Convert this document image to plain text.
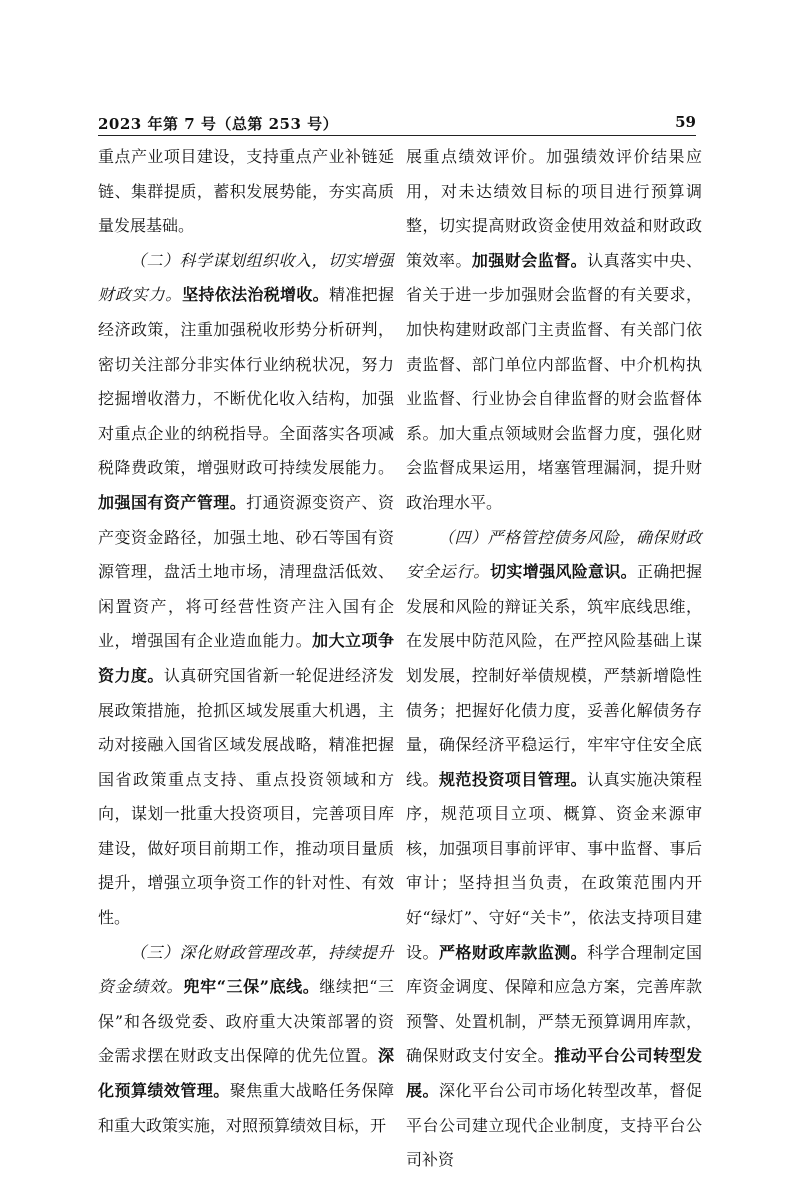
2023 年第 7 号（总第 253 号）	59

重点产业项目建设，支持重点产业补链延链、集群提质，蓄积发展势能，夯实高质量发展基础。

（二）科学谋划组织收入，切实增强财政实力。坚持依法治税增收。精准把握经济政策，注重加强税收形势分析研判，密切关注部分非实体行业纳税状况，努力挖掘增收潜力，不断优化收入结构，加强对重点企业的纳税指导。全面落实各项减税降费政策，增强财政可持续发展能力。加强国有资产管理。打通资源变资产、资产变资金路径，加强土地、砂石等国有资源管理，盘活土地市场，清理盘活低效、闲置资产，将可经营性资产注入国有企业，增强国有企业造血能力。加大立项争资力度。认真研究国省新一轮促进经济发展政策措施，抢抓区域发展重大机遇，主动对接融入国省区域发展战略，精准把握国省政策重点支持、重点投资领域和方向，谋划一批重大投资项目，完善项目库建设，做好项目前期工作，推动项目量质提升，增强立项争资工作的针对性、有效性。

（三）深化财政管理改革，持续提升资金绩效。兜牢“三保”底线。继续把“三保”和各级党委、政府重大决策部署的资金需求摆在财政支出保障的优先位置。深化预算绩效管理。聚焦重大战略任务保障和重大政策实施，对照预算绩效目标，开

展重点绩效评价。加强绩效评价结果应用，对未达绩效目标的项目进行预算调整，切实提高财政资金使用效益和财政政策效率。加强财会监督。认真落实中央、省关于进一步加强财会监督的有关要求，加快构建财政部门主责监督、有关部门依责监督、部门单位内部监督、中介机构执业监督、行业协会自律监督的财会监督体系。加大重点领域财会监督力度，强化财会监督成果运用，堵塞管理漏洞，提升财政治理水平。

（四）严格管控债务风险，确保财政安全运行。切实增强风险意识。正确把握发展和风险的辩证关系，筑牢底线思维，在发展中防范风险，在严控风险基础上谋划发展，控制好举债规模，严禁新增隐性债务；把握好化债力度，妥善化解债务存量，确保经济平稳运行，牢牢守住安全底线。规范投资项目管理。认真实施决策程序，规范项目立项、概算、资金来源审核，加强项目事前评审、事中监督、事后审计；坚持担当负责，在政策范围内开好“绿灯”、守好“关卡”，依法支持项目建设。严格财政库款监测。科学合理制定国库资金调度、保障和应急方案，完善库款预警、处置机制，严禁无预算调用库款，确保财政支付安全。推动平台公司转型发展。深化平台公司市场化转型改革，督促平台公司建立现代企业制度，支持平台公司补资
